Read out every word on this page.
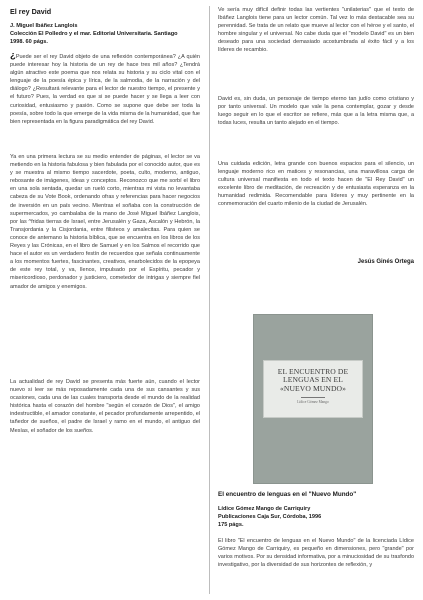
El rey David

J. Miguel Ibáñez Langlois

Colección El Polledro y el mar. Editorial Universitaria. Santiago

1998. 60 págs.

¿Puede ser el rey David objeto de una reflexión contemporánea? ¿A quién puede interesar hoy la historia de un rey de hace tres mil años? ¿Tendrá algún atractivo este poema que nos relata su historia y su ciclo vital con el lenguaje de la poesía épica y lírica, de la salmodia, de la narración y del diálogo? ¿Resultará relevante para el lector de nuestro tiempo, el presente y el futuro? Pues, la verdad es que si se puede hacer y se llega a leer con curiosidad, entusiasmo y pasión. Como se supone que debe ser toda la poesía, sobre todo la que emerge de la vida misma de la humanidad, que fue bien representada en la figura paradigmática del rey David.

Ya en una primera lectura se su medio entender de páginas, el lector se va metiendo en la historia fabulosa y bien fabulada por el conocido autor, que es y se muestra al mismo tiempo sacerdote, poeta, culto, moderno, antiguo, rebosante de imágenes, ideas y conceptos. Reconozco que me sorbí el libro en una sola sentada, quedar un rueló corto, mientras mi vista no levantaba cabeza de su Vote Book, ordenando ofras y referencias para hacer negocios de inversión en un país vecino. Mientras el soñaba con la construcción de supermercados, yo cambalaba de la mano de José Miguel Ibáñez Langlois, por las ^fridas tierras de Israel, entre Jerusalén y Gaza, Ascalón y Hebrón, la Transjordania y la Cisjordania, entre filisteos y amalecitas. Para quien se conoce de antemano la historia bíblica, que se encuentra en los libros de los Reyes y las Crónicas, en el libro de Samuel y en los Salmos el recorrido que hace el autor es un verdadero festín de recuerdos que señala continuamente a los momentos fuertes, fascinantes, creativos, enarbolecidos de la epopeya de este rey total, y va, llenos, impulsado por el Espíritu, pecador y misericordioso, perdonador y justiciero, cometedor de intrigas y siempre fiel amador de amigos y enemigos.

La actualidad de rey David se presenta más fuerte aún, cuando el lector nuevo si leer se más reposadamente cada una de sus cansantes y sus ocasiones, cada una de las cuales transporta desde el mundo de la realidad histórica hasta el corazón del hombre "según el corazón de Dios", el amigo indestructible, el amador constante, el pecador profundamente arrepentido, el tañedor de sueños, el padre de Israel y ramo en el mundo, el antiguo del Mesías, el soñador de los sueños.

Ve sería muy difícil definir todas las vertientes "unilaterias" que el texto de Ibáñez Langlois tiene para un lector común. Tal vez lo más destacable sea su perennidad. Se trata de un relato que mueve al lector con el héroe y el santo, el hombre singular y el universal. No cabe duda que el "modelo David" es un bien deseado para una sociedad demasiado acostumbrada al éxito fácil y a los líderes de recambio.

David es, sin duda, un personaje de tiempo eterno tan judío como cristiano y por tanto universal. Un modelo que vale la pena contemplar, gozar y desde luego seguir en lo que el escritor se refiere, más que a la letra misma que, a todas luces, resulta un tanto alejado en el tiempo.

Una cuidada edición, letra grande con buenos espacios para el silencio, un lenguaje moderno rico en matices y resonancias, una maravillosa carga de cultura universal manifiesta en todo el texto hacen de "El Rey David" un excelente libro de meditación, de recreación y de entusiasta esperanza en la humanidad redimida. Recomendable para líderes y muy pertinente en la conmemoración del cuarto milenio de la ciudad de Jerusalén.

Jesús Ginés Ortega

EL ENCUENTRO DE LENGUAS EN EL «NUEVO MUNDO»

Lídice Gómez Mango

El encuentro de lenguas en el "Nuevo Mundo"

Lídice Gómez Mango de Carriquiry

Publicaciones Caja Sur, Córdoba, 1996

175 págs.

El libro "El encuentro de lenguas en el Nuevo Mundo" de la licenciada Lídice Gómez Mango de Carriquiry, es pequeño en dimensiones, pero "grande" por varios motivos. Por su densidad informativa, por a minuciosidad de su trasfondo investigativo, por la diversidad de sus horizontes de reflexión, y
